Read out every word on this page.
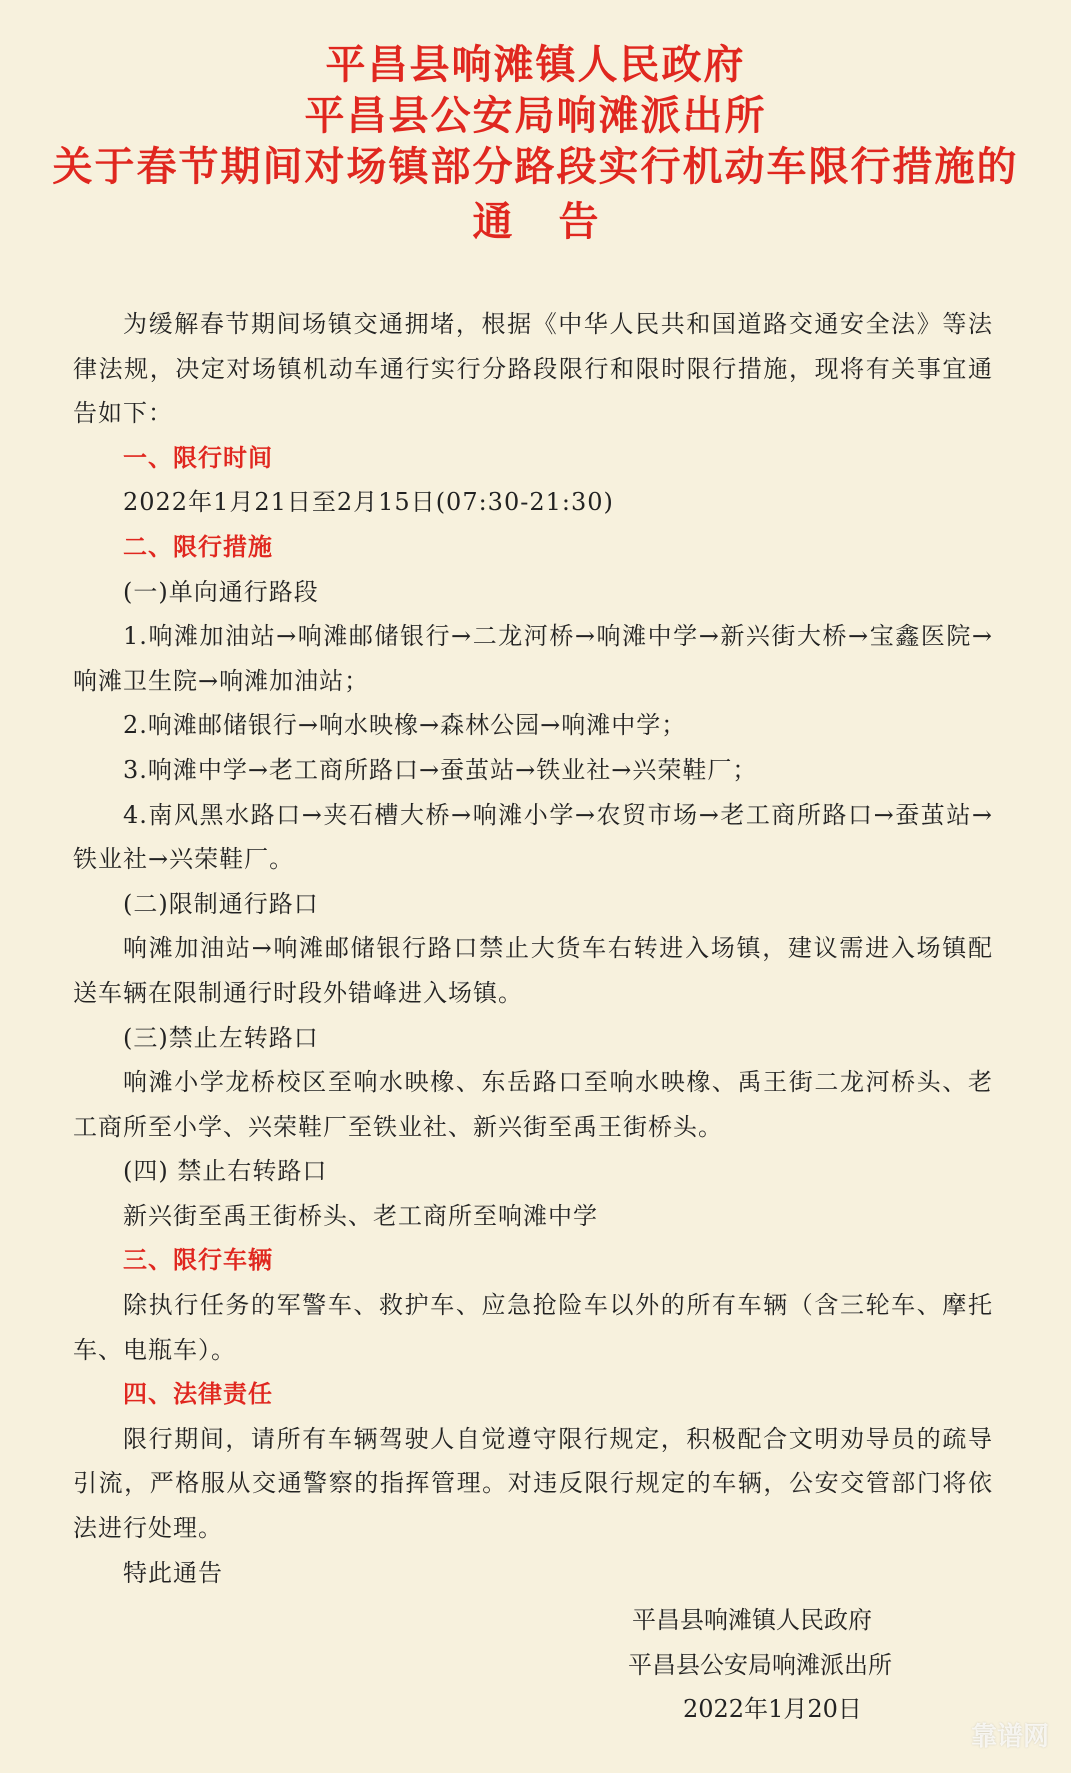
平昌县响滩镇人民政府
平昌县公安局响滩派出所
关于春节期间对场镇部分路段实行机动车限行措施的
通告
为缓解春节期间场镇交通拥堵，根据《中华人民共和国道路交通安全法》等法律法规，决定对场镇机动车通行实行分路段限行和限时限行措施，现将有关事宜通告如下：
一、限行时间
2022年1月21日至2月15日(07:30-21:30)
二、限行措施
(一)单向通行路段
1.响滩加油站→响滩邮储银行→二龙河桥→响滩中学→新兴街大桥→宝鑫医院→响滩卫生院→响滩加油站；
2.响滩邮储银行→响水映橡→森林公园→响滩中学；
3.响滩中学→老工商所路口→蚕茧站→铁业社→兴荣鞋厂；
4.南风黑水路口→夹石槽大桥→响滩小学→农贸市场→老工商所路口→蚕茧站→铁业社→兴荣鞋厂。
(二)限制通行路口
响滩加油站→响滩邮储银行路口禁止大货车右转进入场镇，建议需进入场镇配送车辆在限制通行时段外错峰进入场镇。
(三)禁止左转路口
响滩小学龙桥校区至响水映橡、东岳路口至响水映橡、禹王街二龙河桥头、老工商所至小学、兴荣鞋厂至铁业社、新兴街至禹王街桥头。
(四) 禁止右转路口
新兴街至禹王街桥头、老工商所至响滩中学
三、限行车辆
除执行任务的军警车、救护车、应急抢险车以外的所有车辆（含三轮车、摩托车、电瓶车）。
四、法律责任
限行期间，请所有车辆驾驶人自觉遵守限行规定，积极配合文明劝导员的疏导引流，严格服从交通警察的指挥管理。对违反限行规定的车辆，公安交管部门将依法进行处理。
特此通告
平昌县响滩镇人民政府
平昌县公安局响滩派出所
2022年1月20日
靠谱网
